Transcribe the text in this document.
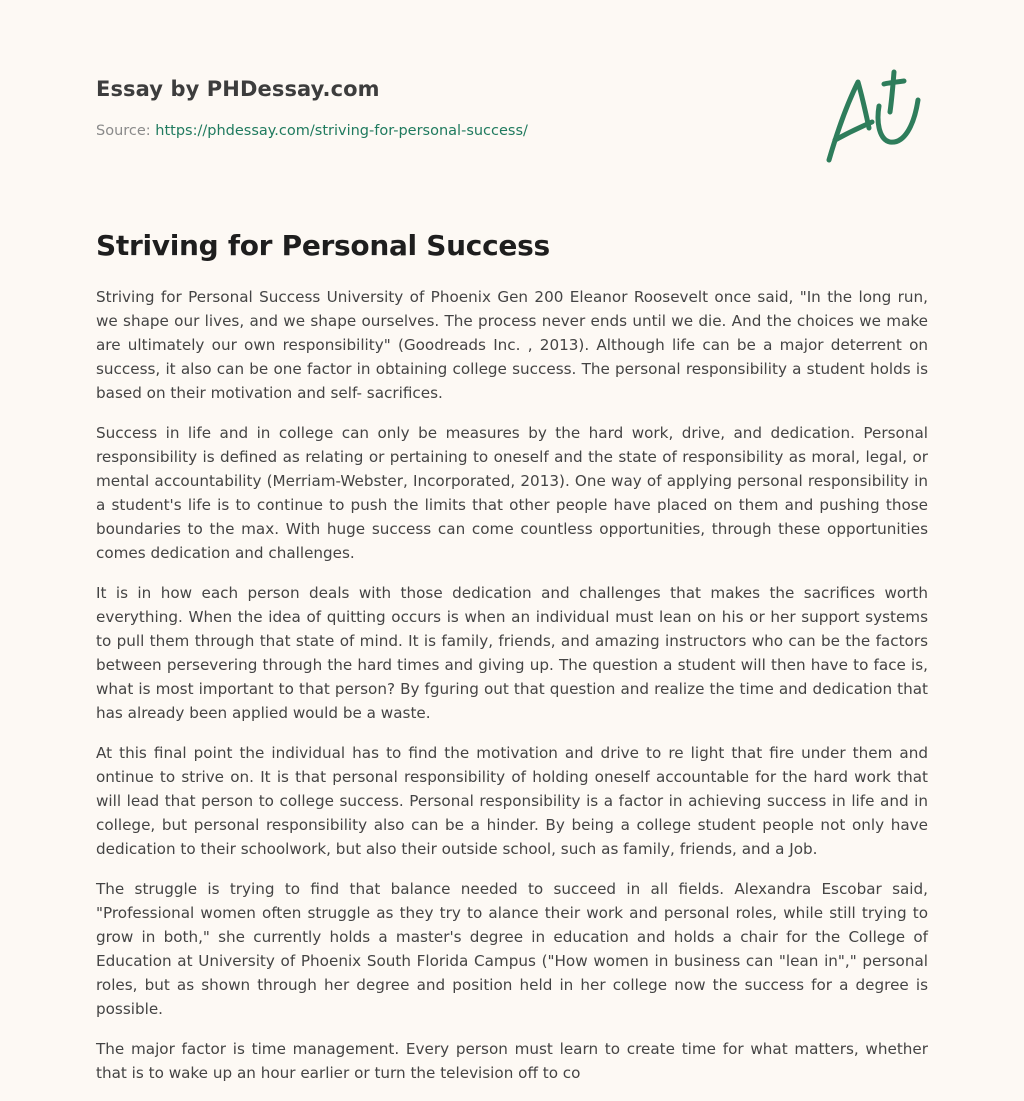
Essay by PHDessay.com
Source: https://phdessay.com/striving-for-personal-success/
Striving for Personal Success

Striving for Personal Success University of Phoenix Gen 200 Eleanor Roosevelt once said, "In the long run, we shape our lives, and we shape ourselves. The process never ends until we die. And the choices we make are ultimately our own responsibility" (Goodreads Inc. , 2013). Although life can be a major deterrent on success, it also can be one factor in obtaining college success. The personal responsibility a student holds is based on their motivation and self- sacrifices.

Success in life and in college can only be measures by the hard work, drive, and dedication. Personal responsibility is defined as relating or pertaining to oneself and the state of responsibility as moral, legal, or mental accountability (Merriam-Webster, Incorporated, 2013). One way of applying personal responsibility in a student's life is to continue to push the limits that other people have placed on them and pushing those boundaries to the max. With huge success can come countless opportunities, through these opportunities comes dedication and challenges.

It is in how each person deals with those dedication and challenges that makes the sacrifices worth everything. When the idea of quitting occurs is when an individual must lean on his or her support systems to pull them through that state of mind. It is family, friends, and amazing instructors who can be the factors between persevering through the hard times and giving up. The question a student will then have to face is, what is most important to that person? By fguring out that question and realize the time and dedication that has already been applied would be a waste.

At this final point the individual has to find the motivation and drive to re light that fire under them and ontinue to strive on. It is that personal responsibility of holding oneself accountable for the hard work that will lead that person to college success. Personal responsibility is a factor in achieving success in life and in college, but personal responsibility also can be a hinder. By being a college student people not only have dedication to their schoolwork, but also their outside school, such as family, friends, and a Job.

The struggle is trying to find that balance needed to succeed in all fields. Alexandra Escobar said, "Professional women often struggle as they try to alance their work and personal roles, while still trying to grow in both," she currently holds a master's degree in education and holds a chair for the College of Education at University of Phoenix South Florida Campus ("How women in business can "lean in"," personal roles, but as shown through her degree and position held in her college now the success for a degree is possible.

The major factor is time management. Every person must learn to create time for what matters, whether that is to wake up an hour earlier or turn the television off to co
